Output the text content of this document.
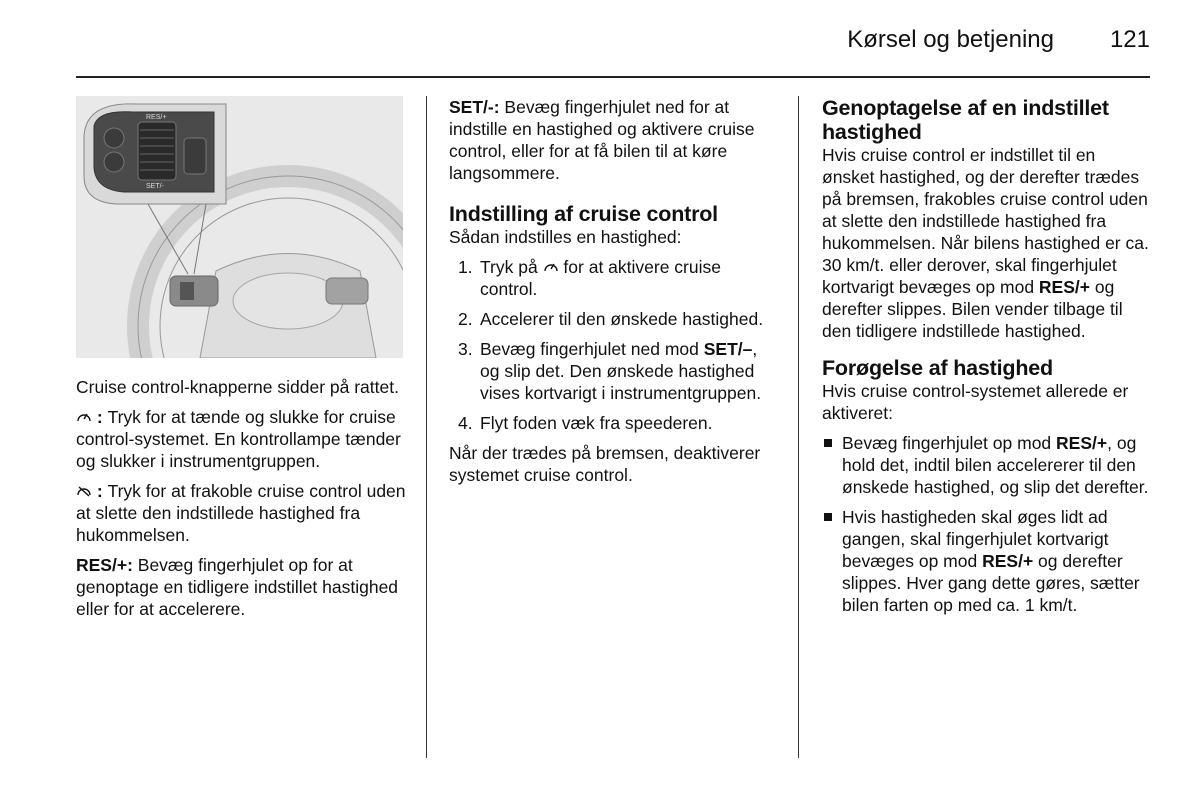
Kørsel og betjening 121
RES/+
SET/-

Cruise control-knapperne sidder på rattet.

: Tryk for at tænde og slukke for cruise control-systemet. En kontrollampe tænder og slukker i instrumentgruppen.

: Tryk for at frakoble cruise control uden at slette den indstillede hastighed fra hukommelsen.

RES/+: Bevæg fingerhjulet op for at genoptage en tidligere indstillet hastighed eller for at accelerere.

SET/-: Bevæg fingerhjulet ned for at indstille en hastighed og aktivere cruise control, eller for at få bilen til at køre langsommere.

Indstilling af cruise control

Sådan indstilles en hastighed:

1. Tryk på  for at aktivere cruise control.
2. Accelerer til den ønskede hastighed.
3. Bevæg fingerhjulet ned mod SET/–, og slip det. Den ønskede hastighed vises kortvarigt i instrumentgruppen.
4. Flyt foden væk fra speederen.

Når der trædes på bremsen, deaktiverer systemet cruise control.

Genoptagelse af en indstillet hastighed

Hvis cruise control er indstillet til en ønsket hastighed, og der derefter trædes på bremsen, frakobles cruise control uden at slette den indstillede hastighed fra hukommelsen. Når bilens hastighed er ca. 30 km/t. eller derover, skal fingerhjulet kortvarigt bevæges op mod RES/+ og derefter slippes. Bilen vender tilbage til den tidligere indstillede hastighed.

Forøgelse af hastighed

Hvis cruise control-systemet allerede er aktiveret:

Bevæg fingerhjulet op mod RES/+, og hold det, indtil bilen accelererer til den ønskede hastighed, og slip det derefter.
Hvis hastigheden skal øges lidt ad gangen, skal fingerhjulet kortvarigt bevæges op mod RES/+ og derefter slippes. Hver gang dette gøres, sætter bilen farten op med ca. 1 km/t.
